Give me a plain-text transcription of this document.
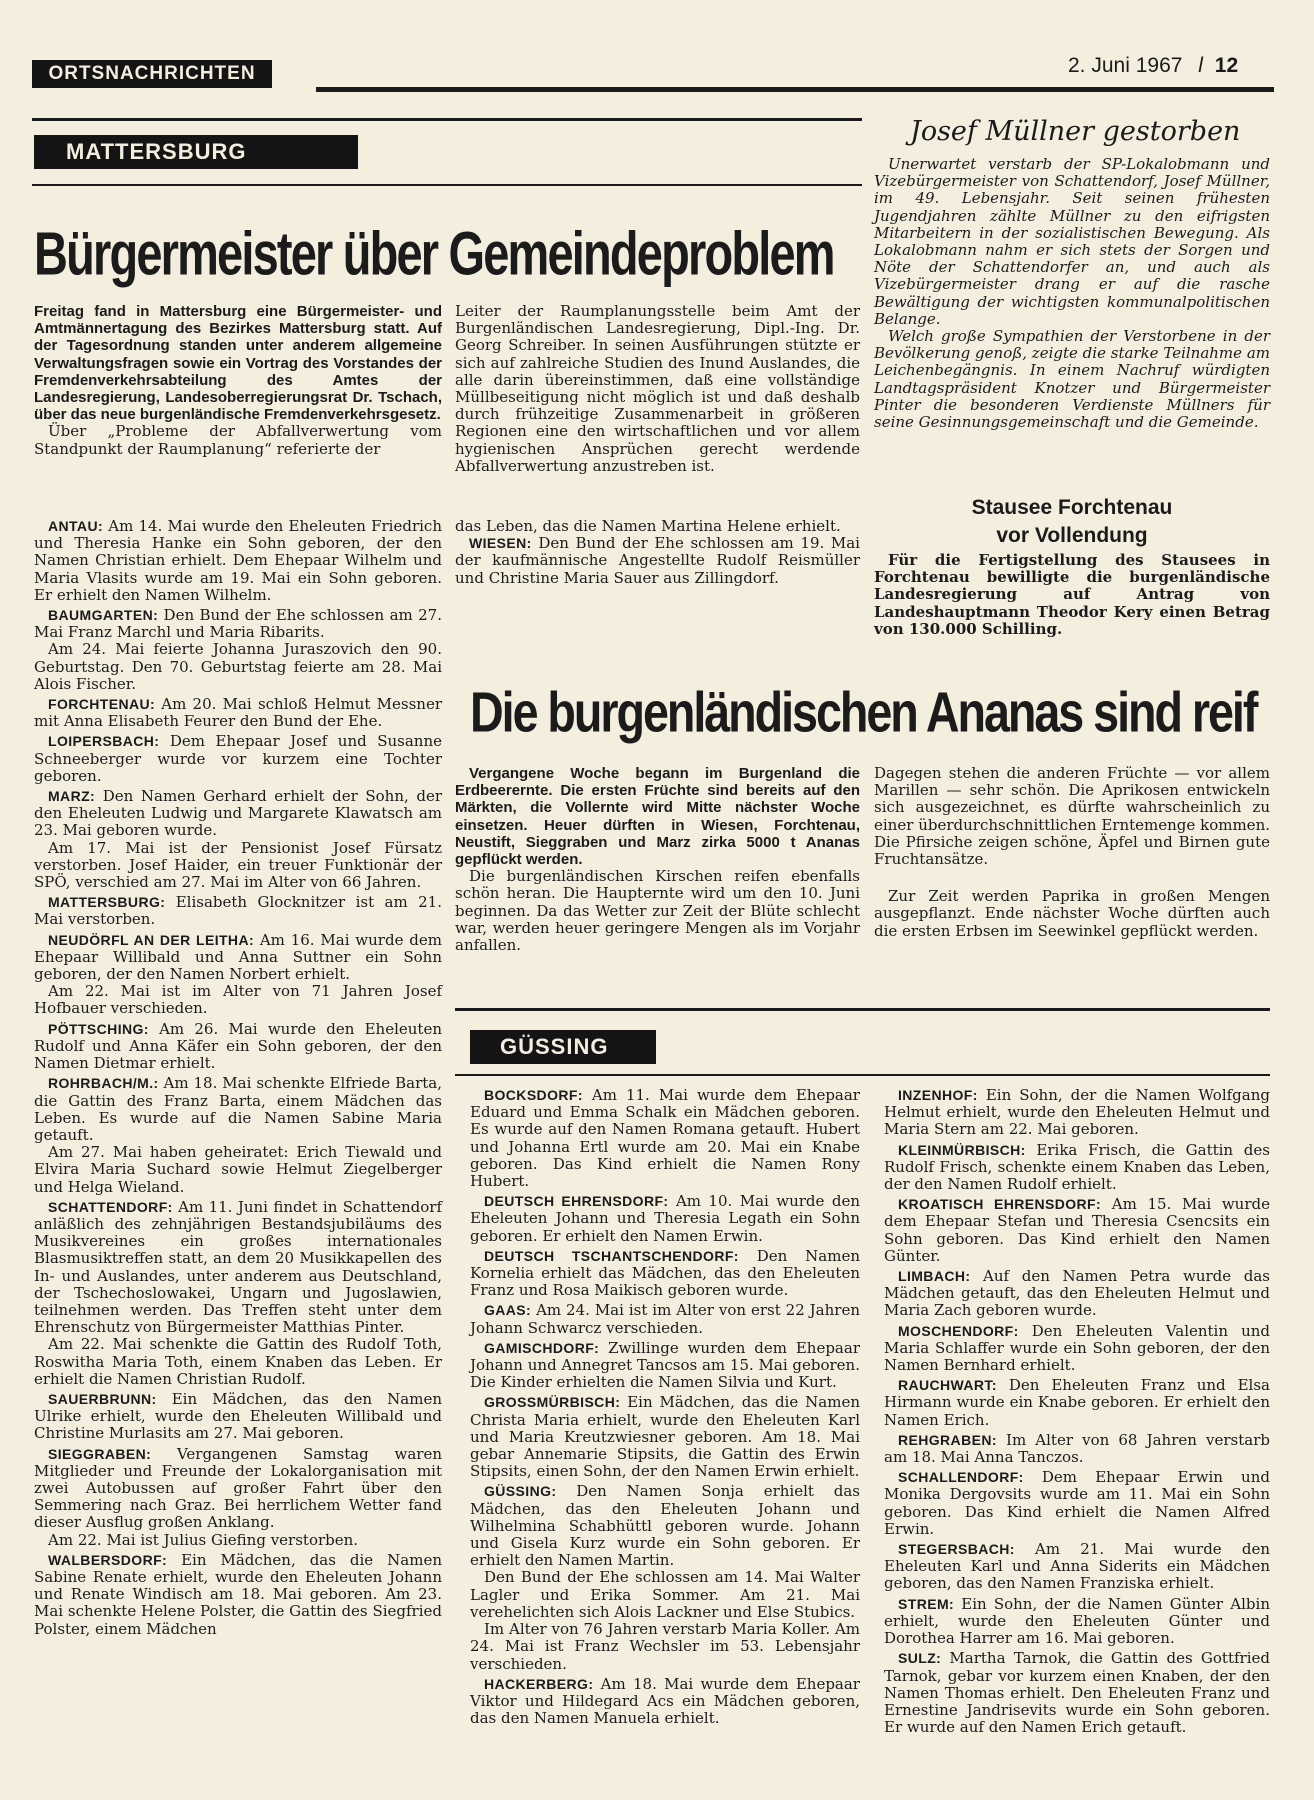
ORTSNACHRICHTEN	2. Juni 1967 l 12
MATTERSBURG
Bürgermeister über Gemeindeproblem

Freitag fand in Mattersburg eine Bürgermeister- und Amtmännertagung des Bezirkes Mattersburg statt. Auf der Tagesordnung standen unter anderem allgemeine Verwaltungsfragen sowie ein Vortrag des Vorstandes der Fremdenverkehrsabteilung des Amtes der Landesregierung, Landesoberregierungsrat Dr. Tschach, über das neue burgenländische Fremdenverkehrsgesetz.

Über „Probleme der Abfallverwertung vom Standpunkt der Raumplanung“ referierte der

Leiter der Raumplanungsstelle beim Amt der Burgenländischen Landesregierung, Dipl.-Ing. Dr. Georg Schreiber. In seinen Ausführungen stützte er sich auf zahlreiche Studien des Inund Auslandes, die alle darin übereinstimmen, daß eine vollständige Müllbeseitigung nicht möglich ist und daß deshalb durch frühzeitige Zusammenarbeit in größeren Regionen eine den wirtschaftlichen und vor allem hygienischen Ansprüchen gerecht werdende Abfallverwertung anzustreben ist.

ANTAU: Am 14. Mai wurde den Eheleuten Friedrich und Theresia Hanke ein Sohn geboren, der den Namen Christian erhielt. Dem Ehepaar Wilhelm und Maria Vlasits wurde am 19. Mai ein Sohn geboren. Er erhielt den Namen Wilhelm.

BAUMGARTEN: Den Bund der Ehe schlossen am 27. Mai Franz Marchl und Maria Ribarits.

Am 24. Mai feierte Johanna Juraszovich den 90. Geburtstag. Den 70. Geburtstag feierte am 28. Mai Alois Fischer.

FORCHTENAU: Am 20. Mai schloß Helmut Messner mit Anna Elisabeth Feurer den Bund der Ehe.

LOIPERSBACH: Dem Ehepaar Josef und Susanne Schneeberger wurde vor kurzem eine Tochter geboren.

MARZ: Den Namen Gerhard erhielt der Sohn, der den Eheleuten Ludwig und Margarete Klawatsch am 23. Mai geboren wurde.

Am 17. Mai ist der Pensionist Josef Fürsatz verstorben. Josef Haider, ein treuer Funktionär der SPÖ, verschied am 27. Mai im Alter von 66 Jahren.

MATTERSBURG: Elisabeth Glocknitzer ist am 21. Mai verstorben.

NEUDÖRFL AN DER LEITHA: Am 16. Mai wurde dem Ehepaar Willibald und Anna Suttner ein Sohn geboren, der den Namen Norbert erhielt.

Am 22. Mai ist im Alter von 71 Jahren Josef Hofbauer verschieden.

PÖTTSCHING: Am 26. Mai wurde den Eheleuten Rudolf und Anna Käfer ein Sohn geboren, der den Namen Dietmar erhielt.

ROHRBACH/M.: Am 18. Mai schenkte Elfriede Barta, die Gattin des Franz Barta, einem Mädchen das Leben. Es wurde auf die Namen Sabine Maria getauft.

Am 27. Mai haben geheiratet: Erich Tiewald und Elvira Maria Suchard sowie Helmut Ziegelberger und Helga Wieland.

SCHATTENDORF: Am 11. Juni findet in Schattendorf anläßlich des zehnjährigen Bestandsjubiläums des Musikvereines ein großes internationales Blasmusiktreffen statt, an dem 20 Musikkapellen des In- und Auslandes, unter anderem aus Deutschland, der Tschechoslowakei, Ungarn und Jugoslawien, teilnehmen werden. Das Treffen steht unter dem Ehrenschutz von Bürgermeister Matthias Pinter.

Am 22. Mai schenkte die Gattin des Rudolf Toth, Roswitha Maria Toth, einem Knaben das Leben. Er erhielt die Namen Christian Rudolf.

SAUERBRUNN: Ein Mädchen, das den Namen Ulrike erhielt, wurde den Eheleuten Willibald und Christine Murlasits am 27. Mai geboren.

SIEGGRABEN: Vergangenen Samstag waren Mitglieder und Freunde der Lokalorganisation mit zwei Autobussen auf großer Fahrt über den Semmering nach Graz. Bei herrlichem Wetter fand dieser Ausflug großen Anklang.

Am 22. Mai ist Julius Giefing verstorben.

WALBERSDORF: Ein Mädchen, das die Namen Sabine Renate erhielt, wurde den Eheleuten Johann und Renate Windisch am 18. Mai geboren. Am 23. Mai schenkte Helene Polster, die Gattin des Siegfried Polster, einem Mädchen

das Leben, das die Namen Martina Helene erhielt.

WIESEN: Den Bund der Ehe schlossen am 19. Mai der kaufmännische Angestellte Rudolf Reismüller und Christine Maria Sauer aus Zillingdorf.

Josef Müllner gestorben

Unerwartet verstarb der SP-Lokalobmann und Vizebürgermeister von Schattendorf, Josef Müllner, im 49. Lebensjahr. Seit seinen frühesten Jugendjahren zählte Müllner zu den eifrigsten Mitarbeitern in der sozialistischen Bewegung. Als Lokalobmann nahm er sich stets der Sorgen und Nöte der Schattendorfer an, und auch als Vizebürgermeister drang er auf die rasche Bewältigung der wichtigsten kommunalpolitischen Belange.

Welch große Sympathien der Verstorbene in der Bevölkerung genoß, zeigte die starke Teilnahme am Leichenbegängnis. In einem Nachruf würdigten Landtagspräsident Knotzer und Bürgermeister Pinter die besonderen Verdienste Müllners für seine Gesinnungsgemeinschaft und die Gemeinde.

Stausee Forchtenau
vor Vollendung

Für die Fertigstellung des Stausees in Forchtenau bewilligte die burgenländische Landesregierung auf Antrag von Landeshauptmann Theodor Kery einen Betrag von 130.000 Schilling.

Die burgenländischen Ananas sind reif

Vergangene Woche begann im Burgenland die Erdbeerernte. Die ersten Früchte sind bereits auf den Märkten, die Vollernte wird Mitte nächster Woche einsetzen. Heuer dürften in Wiesen, Forchtenau, Neustift, Sieggraben und Marz zirka 5000 t Ananas gepflückt werden.

Die burgenländischen Kirschen reifen ebenfalls schön heran. Die Haupternte wird um den 10. Juni beginnen. Da das Wetter zur Zeit der Blüte schlecht war, werden heuer geringere Mengen als im Vorjahr anfallen.

Dagegen stehen die anderen Früchte — vor allem Marillen — sehr schön. Die Aprikosen entwickeln sich ausgezeichnet, es dürfte wahrscheinlich zu einer überdurchschnittlichen Erntemenge kommen. Die Pfirsiche zeigen schöne, Äpfel und Birnen gute Fruchtansätze.

Zur Zeit werden Paprika in großen Mengen ausgepflanzt. Ende nächster Woche dürften auch die ersten Erbsen im Seewinkel gepflückt werden.

GÜSSING

BOCKSDORF: Am 11. Mai wurde dem Ehepaar Eduard und Emma Schalk ein Mädchen geboren. Es wurde auf den Namen Romana getauft. Hubert und Johanna Ertl wurde am 20. Mai ein Knabe geboren. Das Kind erhielt die Namen Rony Hubert.

DEUTSCH EHRENSDORF: Am 10. Mai wurde den Eheleuten Johann und Theresia Legath ein Sohn geboren. Er erhielt den Namen Erwin.

DEUTSCH TSCHANTSCHENDORF: Den Namen Kornelia erhielt das Mädchen, das den Eheleuten Franz und Rosa Maikisch geboren wurde.

GAAS: Am 24. Mai ist im Alter von erst 22 Jahren Johann Schwarcz verschieden.

GAMISCHDORF: Zwillinge wurden dem Ehepaar Johann und Annegret Tancsos am 15. Mai geboren. Die Kinder erhielten die Namen Silvia und Kurt.

GROSSMÜRBISCH: Ein Mädchen, das die Namen Christa Maria erhielt, wurde den Eheleuten Karl und Maria Kreutzwiesner geboren. Am 18. Mai gebar Annemarie Stipsits, die Gattin des Erwin Stipsits, einen Sohn, der den Namen Erwin erhielt.

GÜSSING: Den Namen Sonja erhielt das Mädchen, das den Eheleuten Johann und Wilhelmina Schabhüttl geboren wurde. Johann und Gisela Kurz wurde ein Sohn geboren. Er erhielt den Namen Martin.

Den Bund der Ehe schlossen am 14. Mai Walter Lagler und Erika Sommer. Am 21. Mai verehelichten sich Alois Lackner und Else Stubics.

Im Alter von 76 Jahren verstarb Maria Koller. Am 24. Mai ist Franz Wechsler im 53. Lebensjahr verschieden.

HACKERBERG: Am 18. Mai wurde dem Ehepaar Viktor und Hildegard Acs ein Mädchen geboren, das den Namen Manuela erhielt.

INZENHOF: Ein Sohn, der die Namen Wolfgang Helmut erhielt, wurde den Eheleuten Helmut und Maria Stern am 22. Mai geboren.

KLEINMÜRBISCH: Erika Frisch, die Gattin des Rudolf Frisch, schenkte einem Knaben das Leben, der den Namen Rudolf erhielt.

KROATISCH EHRENSDORF: Am 15. Mai wurde dem Ehepaar Stefan und Theresia Csencsits ein Sohn geboren. Das Kind erhielt den Namen Günter.

LIMBACH: Auf den Namen Petra wurde das Mädchen getauft, das den Eheleuten Helmut und Maria Zach geboren wurde.

MOSCHENDORF: Den Eheleuten Valentin und Maria Schlaffer wurde ein Sohn geboren, der den Namen Bernhard erhielt.

RAUCHWART: Den Eheleuten Franz und Elsa Hirmann wurde ein Knabe geboren. Er erhielt den Namen Erich.

REHGRABEN: Im Alter von 68 Jahren verstarb am 18. Mai Anna Tanczos.

SCHALLENDORF: Dem Ehepaar Erwin und Monika Dergovsits wurde am 11. Mai ein Sohn geboren. Das Kind erhielt die Namen Alfred Erwin.

STEGERSBACH: Am 21. Mai wurde den Eheleuten Karl und Anna Siderits ein Mädchen geboren, das den Namen Franziska erhielt.

STREM: Ein Sohn, der die Namen Günter Albin erhielt, wurde den Eheleuten Günter und Dorothea Harrer am 16. Mai geboren.

SULZ: Martha Tarnok, die Gattin des Gottfried Tarnok, gebar vor kurzem einen Knaben, der den Namen Thomas erhielt. Den Eheleuten Franz und Ernestine Jandrisevits wurde ein Sohn geboren. Er wurde auf den Namen Erich getauft.
